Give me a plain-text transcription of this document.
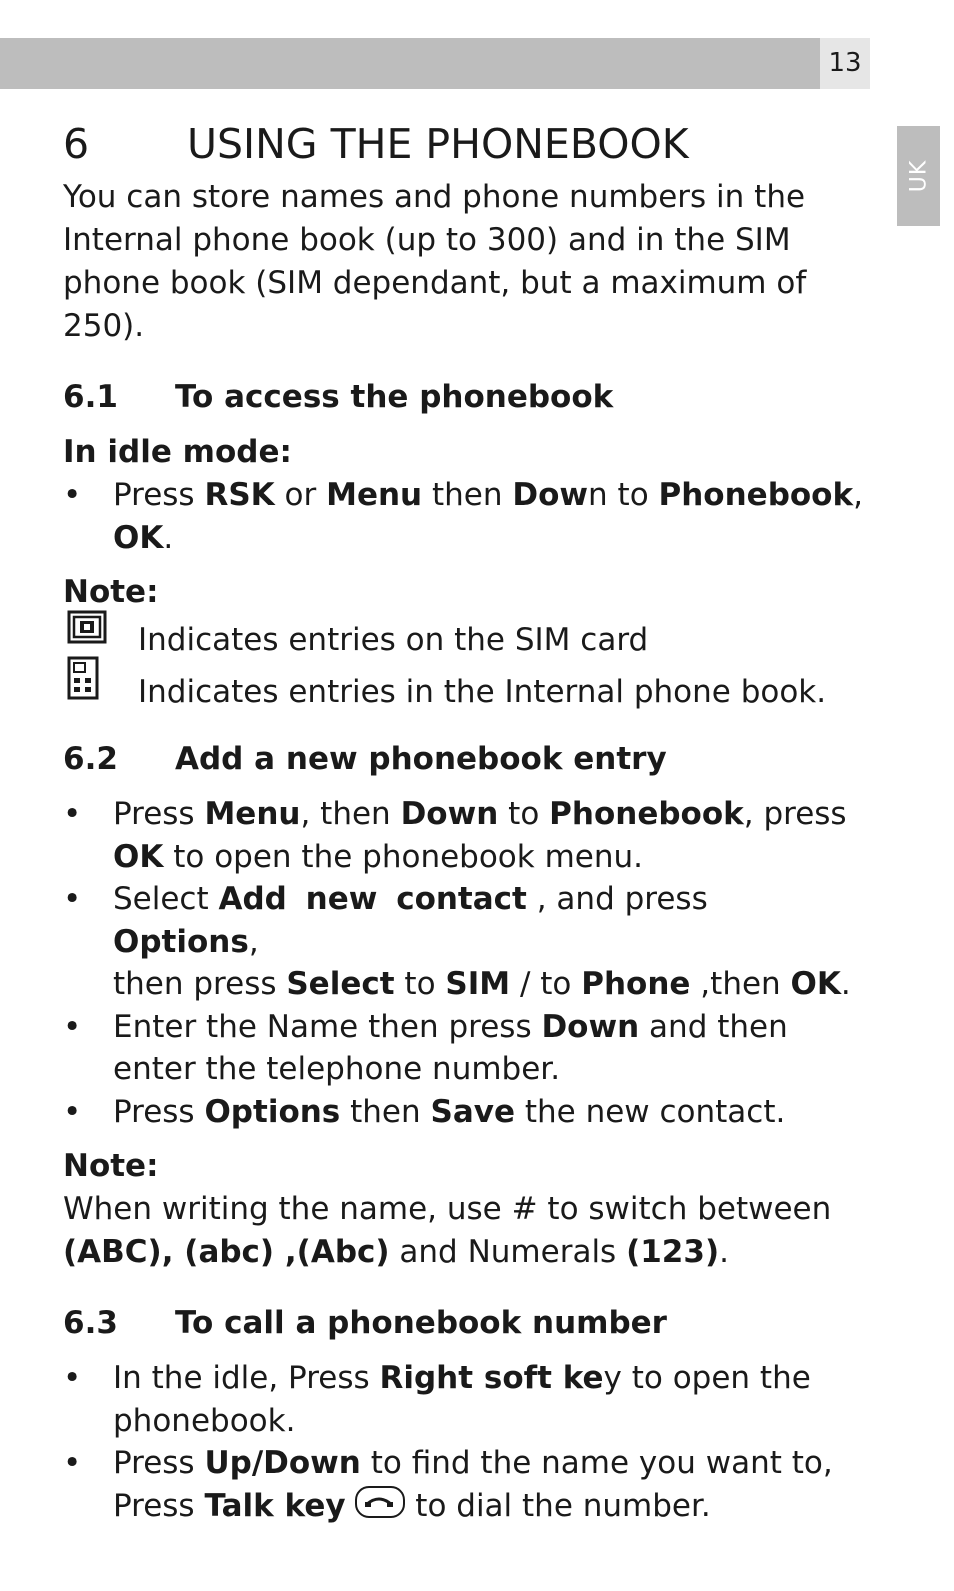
13
UK
6 USING THE PHONEBOOK

You can store names and phone numbers in the Internal phone book (up to 300) and in the SIM phone book (SIM dependant, but a maximum of 250).

6.1 To access the phonebook
In idle mode:
• Press RSK or Menu then Down to Phonebook,
OK.
Note:
Indicates entries on the SIM card
Indicates entries in the Internal phone book.
6.2 Add a new phonebook entry
• Press Menu, then Down to Phonebook, press
OK to open the phonebook menu.
• Select Add new contact , and press Options,
then press Select to SIM / to Phone ,then OK.
• Enter the Name then press Down and then enter the telephone number.
• Press Options then Save the new contact.
Note:

When writing the name, use # to switch between (ABC), (abc) ,(Abc) and Numerals (123).

6.3 To call a phonebook number
• In the idle, Press Right soft key to open the phonebook.
• Press Up/Down to find the name you want to,
Press Talk key
to dial the number.
